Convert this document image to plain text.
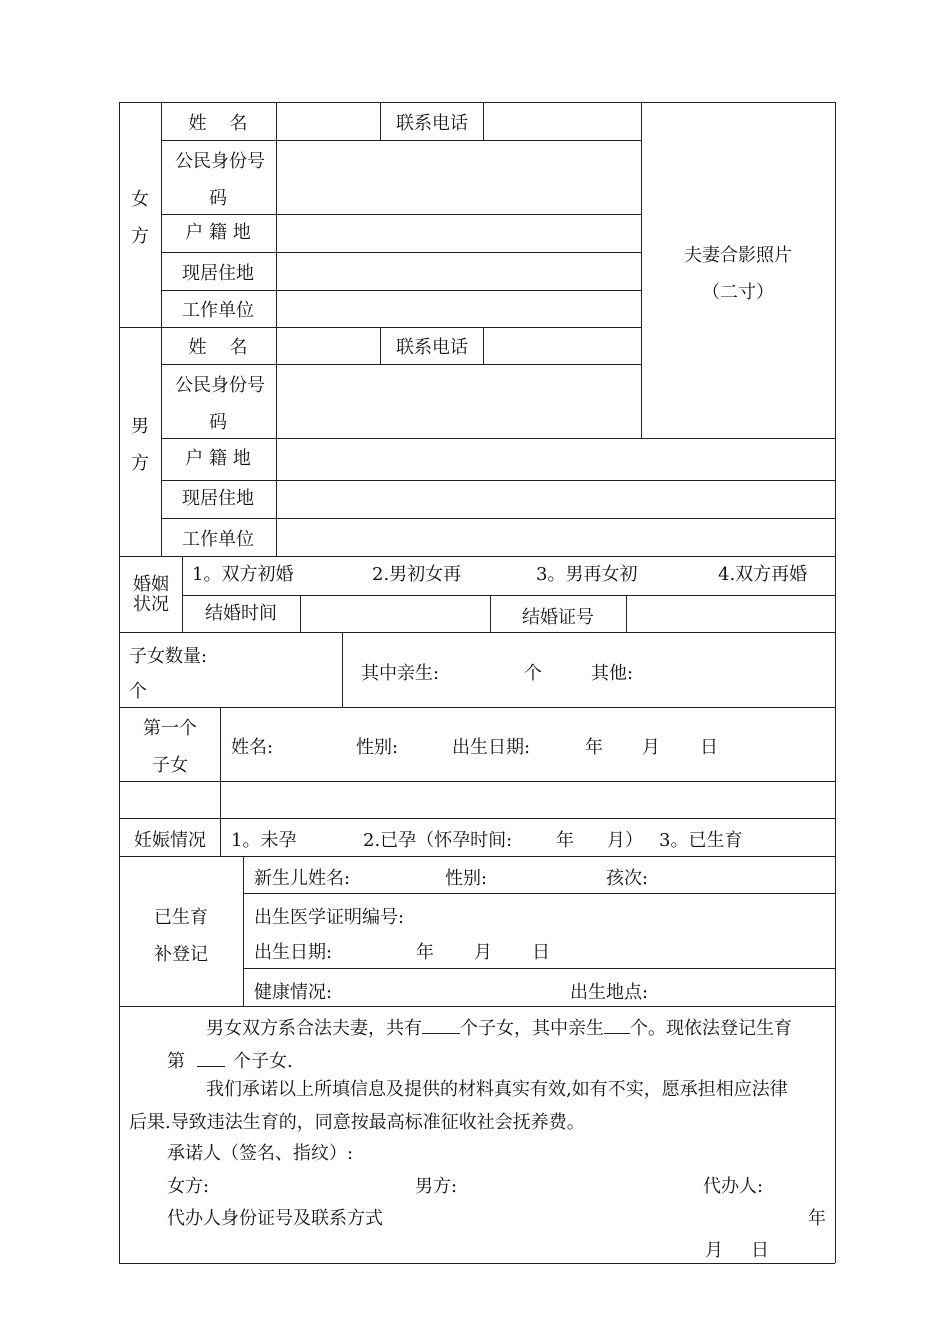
女
方
姓    名	联系电话
公民身份号
码
户 籍 地
现居住地
工作单位
夫妻合影照片
（二寸）
男
方
姓    名	联系电话
公民身份号
码
户 籍 地
现居住地
工作单位
婚姻
状况
1。双方初婚	2.男初女再	3。男再女初	4.双方再婚
结婚时间	结婚证号
子女数量:
个
其中亲生:	个	其他:
第一个
子女
姓名:	性别:	出生日期:	年 月 日
妊娠情况 1。未孕	2.已孕（怀孕时间: 年 月） 3。已生育
已生育
补登记
新生儿姓名:	性别:	孩次:
出生医学证明编号:
出生日期:	年 月 日
健康情况:	出生地点:
男女双方系合法夫妻，共有 个子女，其中亲生 个。现依法登记生育
第	个子女.
我们承诺以上所填信息及提供的材料真实有效,如有不实，愿承担相应法律
后果.导致违法生育的，同意按最高标准征收社会抚养费。
承诺人（签名、指纹）:
女方:	男方:	代办人:
代办人身份证号及联系方式	年
月 日
